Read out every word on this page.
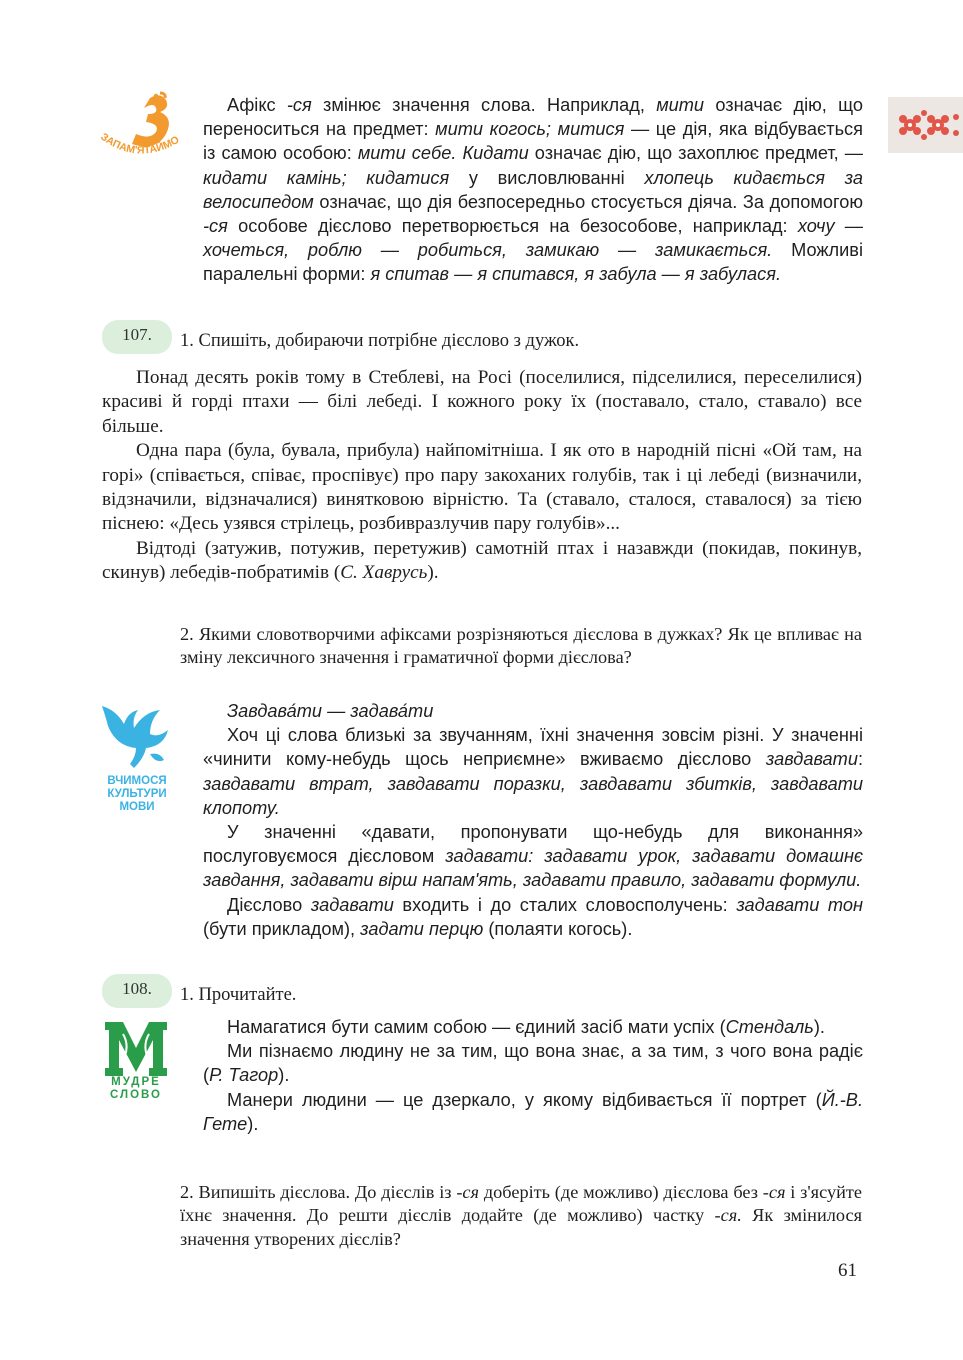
ЗАПАМ'ЯТАЙМО

Афікс -ся змінює значення слова. Наприклад, мити означає дію, що переноситься на предмет: мити когось; митися — це дія, яка відбувається із самою особою: мити себе. Кидати означає дію, що захоплює предмет, — кидати камінь; кидатися у висловлюванні хлопець кидається за велосипедом означає, що дія безпосередньо стосується діяча. За допомогою -ся особове дієслово перетворюється на безособове, наприклад: хочу — хочеться, роблю — робиться, замикаю — замикається. Можливі паралельні форми: я спитав — я спитався, я забула — я забулася.

107.	1. Спишіть, добираючи потрібне дієслово з дужок.

Понад десять років тому в Стеблеві, на Росі (поселилися, підселилися, переселилися) красиві й горді птахи — білі лебеді. І кожного року їх (поставало, стало, ставало) все більше.

Одна пара (була, бувала, прибула) найпомітніша. І як ото в народній пісні «Ой там, на горі» (співається, співає, проспівує) про пару закоханих голубів, так і ці лебеді (визначили, відзначили, відзначалися) винятковою вірністю. Та (ставало, сталося, ставалося) за тією піснею: «Десь узявся стрілець, розбивразлучив пару голубів»...

Відтоді (затужив, потужив, перетужив) самотній птах і назавжди (покидав, покинув, скинув) лебедів-побратимів (С. Хаврусь).

2. Якими словотворчими афіксами розрізняються дієслова в дужках? Як це впливає на зміну лексичного значення і граматичної форми дієслова?
ВЧИМОСЯ
КУЛЬТУРИ
МОВИ

Завдава́ти — задава́ти

Хоч ці слова близькі за звучанням, їхні значення зовсім різні. У значенні «чинити кому-небудь щось неприємне» вживаємо дієслово завдавати: завдавати втрат, завдавати поразки, завдавати збитків, завдавати клопоту.

У значенні «давати, пропонувати що-небудь для виконання» послуговуємося дієсловом задавати: задавати урок, задавати домашнє завдання, задавати вірш напам'ять, задавати правило, задавати формули.

Дієслово задавати входить і до сталих словосполучень: задавати тон (бути прикладом), задати перцю (полаяти когось).

108.	1. Прочитайте.
МУДРЕ
СЛОВО

Намагатися бути самим собою — єдиний засіб мати успіх (Стендаль).

Ми пізнаємо людину не за тим, що вона знає, а за тим, з чого вона радіє (Р. Тагор).

Манери людини — це дзеркало, у якому відбивається її портрет (Й.-В. Гете).

2. Випишіть дієслова. До дієслів із -ся доберіть (де можливо) дієслова без -ся і з'ясуйте їхнє значення. До решти дієслів додайте (де можливо) частку -ся. Як змінилося значення утворених дієслів?
61
